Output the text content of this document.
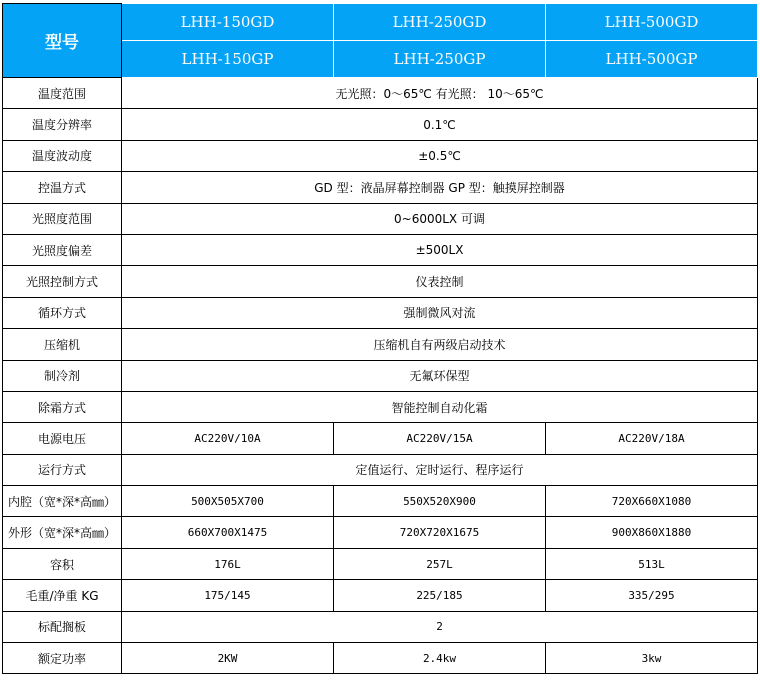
型号	LHH-150GD	LHH-250GD	LHH-500GD
	LHH-150GP	LHH-250GP	LHH-500GP
温度范围	无光照：0～65℃ 有光照： 10～65℃		
温度分辨率	0.1℃		
温度波动度	±0.5℃		
控温方式	GD 型：液晶屏幕控制器 GP 型：触摸屏控制器		
光照度范围	0~6000LX 可调		
光照度偏差	±500LX		
光照控制方式	仪表控制		
循环方式	强制微风对流		
压缩机	压缩机自有两级启动技术		
制冷剂	无氟环保型		
除霜方式	智能控制自动化霜		
电源电压	AC220V/10A	AC220V/15A	AC220V/18A
运行方式	定值运行、定时运行、程序运行		
内腔（宽*深*高㎜）	500X505X700	550X520X900	720X660X1080
外形（宽*深*高㎜）	660X700X1475	720X720X1675	900X860X1880
容积	176L	257L	513L
毛重/净重 KG	175/145	225/185	335/295
标配搁板	2		
额定功率	2KW	2.4kw	3kw
